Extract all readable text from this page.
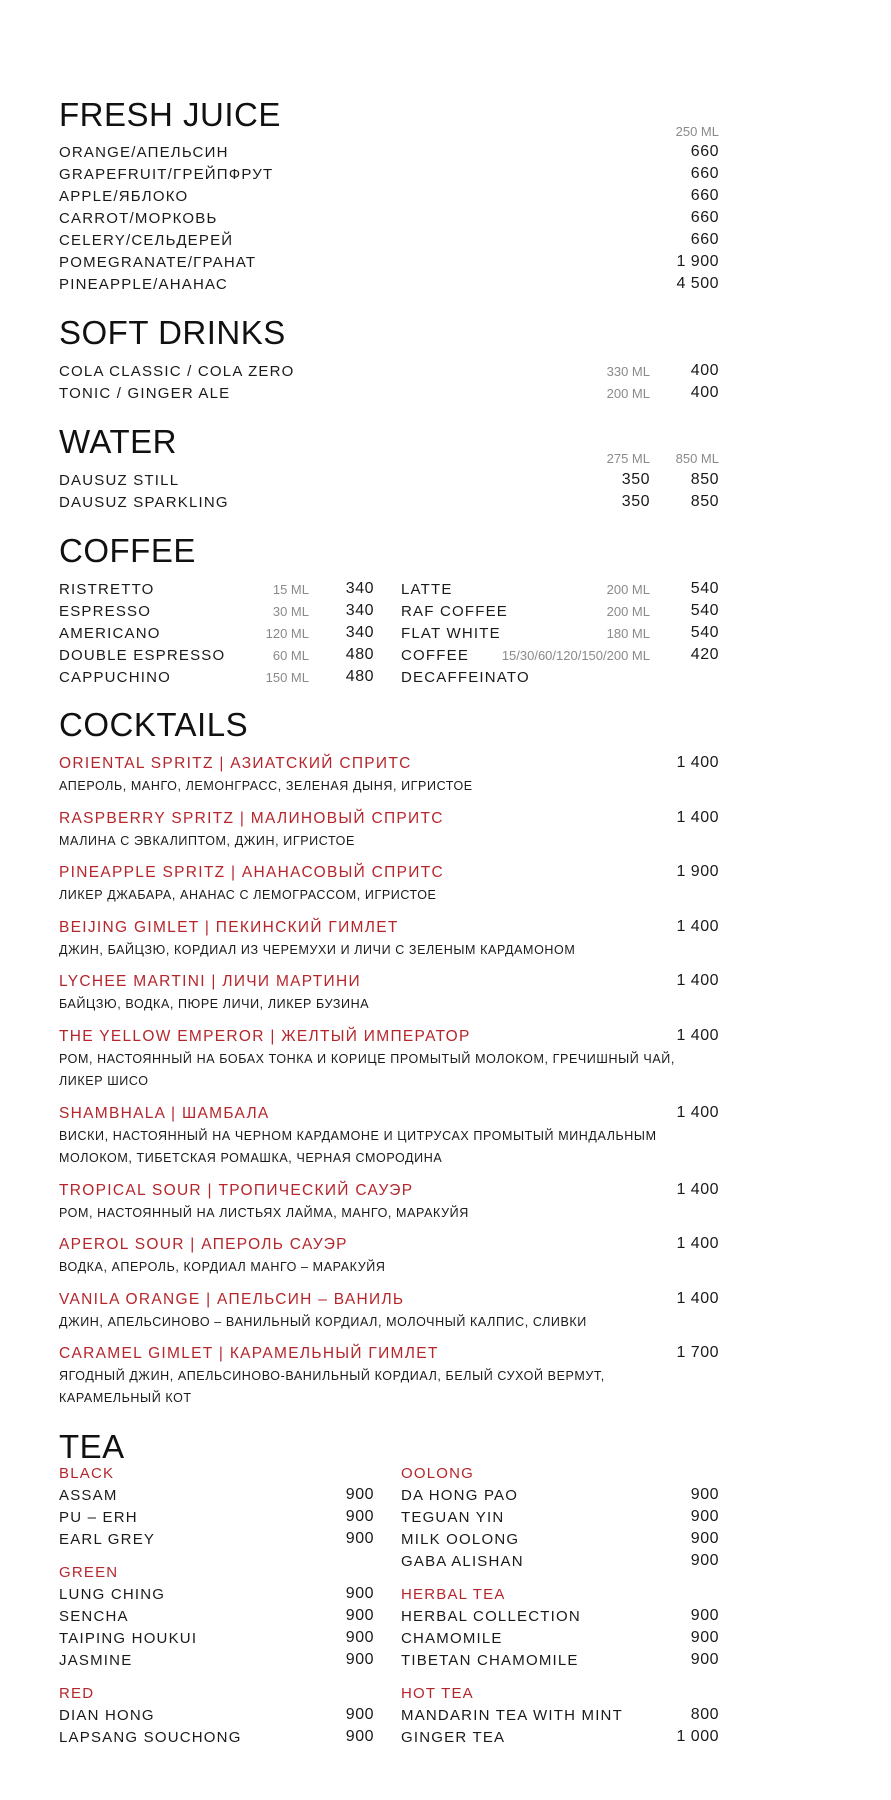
FRESH JUICE	250 ML
ORANGE/АПЕЛЬСИН	660
GRAPEFRUIT/ГРЕЙПФРУТ	660
APPLE/ЯБЛОКО	660
CARROT/МОРКОВЬ	660
CELERY/СЕЛЬДЕРЕЙ	660
POMEGRANATE/ГРАНАТ	1 900
PINEAPPLE/АНАНАС	4 500
SOFT DRINKS
COLA CLASSIC / COLA ZERO	330 ML	400
TONIC / GINGER ALE	200 ML	400
WATER	275 ML	850 ML
DAUSUZ STILL	350	850
DAUSUZ SPARKLING	350	850
COFFEE
RISTRETTO	15 ML	340
ESPRESSO	30 ML	340
AMERICANO	120 ML	340
DOUBLE ESPRESSO	60 ML	480
CAPPUCHINO	150 ML	480
LATTE	200 ML	540
RAF COFFEE	200 ML	540
FLAT WHITE	180 ML	540
COFFEE	15/30/60/120/150/200 ML	420
DECAFFEINATO
COCKTAILS
ORIENTAL SPRITZ | АЗИАТСКИЙ СПРИТС	1 400
АПЕРОЛЬ, МАНГО, ЛЕМОНГРАСС, ЗЕЛЕНАЯ ДЫНЯ, ИГРИСТОЕ
RASPBERRY SPRITZ | МАЛИНОВЫЙ СПРИТС	1 400
МАЛИНА С ЭВКАЛИПТОМ, ДЖИН, ИГРИСТОЕ
PINEAPPLE SPRITZ | АНАНАСОВЫЙ СПРИТС	1 900
ЛИКЕР ДЖАБАРА, АНАНАС С ЛЕМОГРАССОМ, ИГРИСТОЕ
BEIJING GIMLET | ПЕКИНСКИЙ ГИМЛЕТ	1 400
ДЖИН, БАЙЦЗЮ, КОРДИАЛ ИЗ ЧЕРЕМУХИ И ЛИЧИ С ЗЕЛЕНЫМ КАРДАМОНОМ
LYCHEE MARTINI | ЛИЧИ МАРТИНИ	1 400
БАЙЦЗЮ, ВОДКА, ПЮРЕ ЛИЧИ, ЛИКЕР БУЗИНА
THE YELLOW EMPEROR | ЖЕЛТЫЙ ИМПЕРАТОР	1 400
РОМ, НАСТОЯННЫЙ НА БОБАХ ТОНКА И КОРИЦЕ ПРОМЫТЫЙ МОЛОКОМ, ГРЕЧИШНЫЙ ЧАЙ,
ЛИКЕР ШИСО
SHAMBHALA | ШАМБАЛА	1 400
ВИСКИ, НАСТОЯННЫЙ НА ЧЕРНОМ КАРДАМОНЕ И ЦИТРУСАХ ПРОМЫТЫЙ МИНДАЛЬНЫМ
МОЛОКОМ, ТИБЕТСКАЯ РОМАШКА, ЧЕРНАЯ СМОРОДИНА
TROPICAL SOUR | ТРОПИЧЕСКИЙ САУЭР	1 400
РОМ, НАСТОЯННЫЙ НА ЛИСТЬЯХ ЛАЙМА, МАНГО, МАРАКУЙЯ
APEROL SOUR | АПЕРОЛЬ САУЭР	1 400
ВОДКА, АПЕРОЛЬ, КОРДИАЛ МАНГО – МАРАКУЙЯ
VANILA ORANGE | АПЕЛЬСИН – ВАНИЛЬ	1 400
ДЖИН, АПЕЛЬСИНОВО – ВАНИЛЬНЫЙ КОРДИАЛ, МОЛОЧНЫЙ КАЛПИС, СЛИВКИ
CARAMEL GIMLET | КАРАМЕЛЬНЫЙ ГИМЛЕТ	1 700
ЯГОДНЫЙ ДЖИН, АПЕЛЬСИНОВО-ВАНИЛЬНЫЙ КОРДИАЛ, БЕЛЫЙ СУХОЙ ВЕРМУТ,
КАРАМЕЛЬНЫЙ КОТ
TEA
BLACK
ASSAM	900
PU – ERH	900
EARL GREY	900
GREEN
LUNG CHING	900
SENCHA	900
TAIPING HOUKUI	900
JASMINE	900
RED
DIAN HONG	900
LAPSANG SOUCHONG	900
OOLONG
DA HONG PAO	900
TEGUAN YIN	900
MILK OOLONG	900
GABA ALISHAN	900
HERBAL TEA
HERBAL COLLECTION	900
CHAMOMILE	900
TIBETAN CHAMOMILE	900
HOT TEA
MANDARIN TEA WITH MINT	800
GINGER TEA	1 000
